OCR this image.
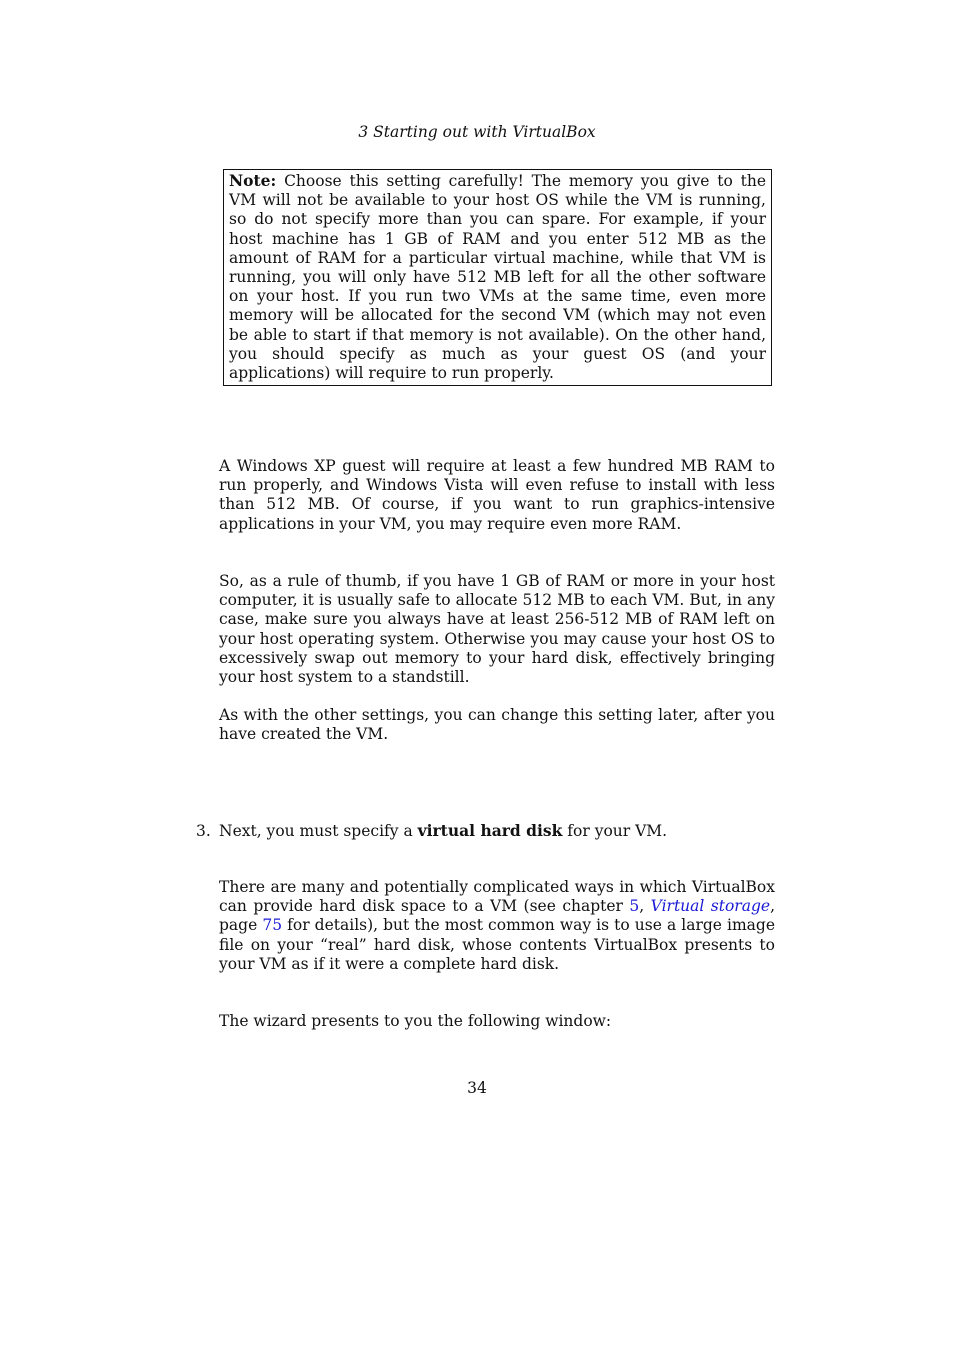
3 Starting out with VirtualBox
Note: Choose this setting carefully! The memory you give to the VM will not be available to your host OS while the VM is running, so do not specify more than you can spare. For example, if your host machine has 1 GB of RAM and you enter 512 MB as the amount of RAM for a particular virtual machine, while that VM is running, you will only have 512 MB left for all the other software on your host. If you run two VMs at the same time, even more memory will be allocated for the second VM (which may not even be able to start if that memory is not available). On the other hand, you should specify as much as your guest OS (and your applications) will require to run properly.
A Windows XP guest will require at least a few hundred MB RAM to run properly, and Windows Vista will even refuse to install with less than 512 MB. Of course, if you want to run graphics-intensive applications in your VM, you may require even more RAM.
So, as a rule of thumb, if you have 1 GB of RAM or more in your host computer, it is usually safe to allocate 512 MB to each VM. But, in any case, make sure you always have at least 256-512 MB of RAM left on your host operating system. Otherwise you may cause your host OS to excessively swap out memory to your hard disk, effectively bringing your host system to a standstill.
As with the other settings, you can change this setting later, after you have created the VM.
3. Next, you must specify a virtual hard disk for your VM.
There are many and potentially complicated ways in which VirtualBox can provide hard disk space to a VM (see chapter 5, Virtual storage, page 75 for details), but the most common way is to use a large image file on your “real” hard disk, whose contents VirtualBox presents to your VM as if it were a complete hard disk.
The wizard presents to you the following window:
34
